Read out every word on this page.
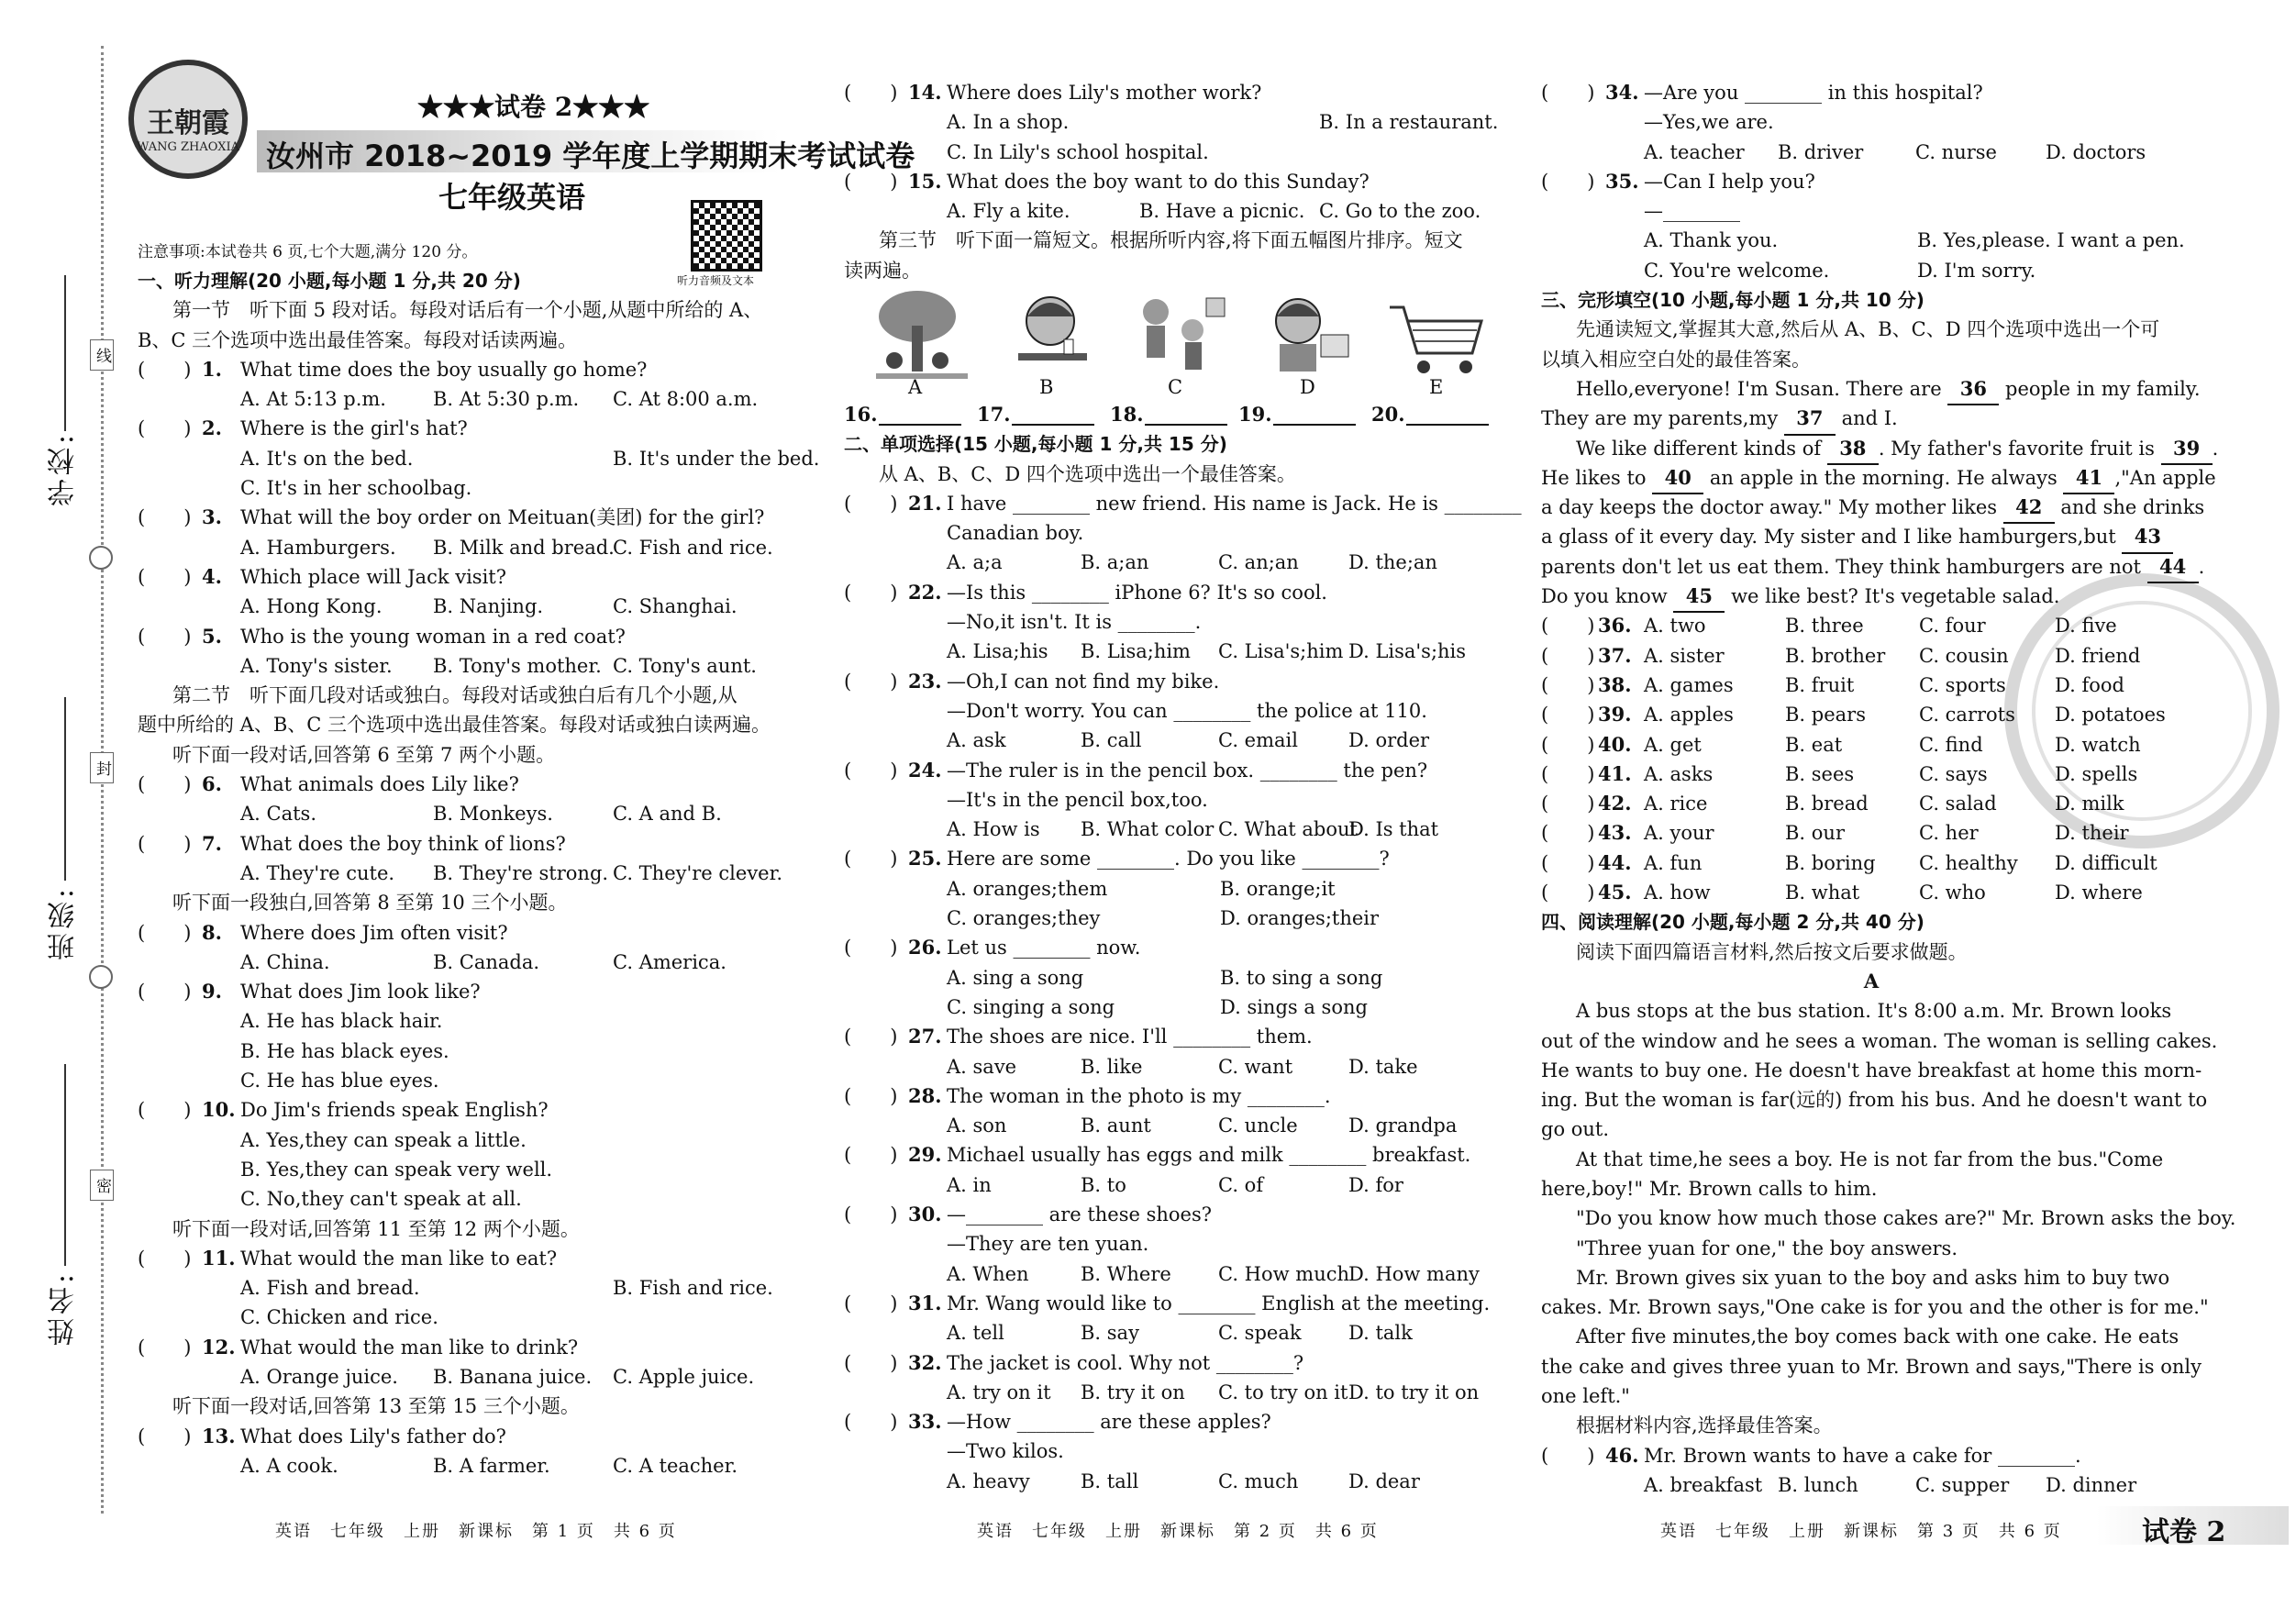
学校:
班级:
姓名:
线
封
密
王朝霞
WANG ZHAOXIA
★★★试卷 2★★★
汝州市 2018~2019 学年度上学期期末考试试卷
七年级英语
听力音频及文本
注意事项:本试卷共 6 页,七个大题,满分 120 分。
一、听力理解(20 小题,每小题 1 分,共 20 分)
第一节　听下面 5 段对话。每段对话后有一个小题,从题中所给的 A、
B、C 三个选项中选出最佳答案。每段对话读两遍。
(　　) 1. What time does the boy usually go home?
A. At 5:13 p.m. B. At 5:30 p.m. C. At 8:00 a.m.
(　　) 2. Where is the girl's hat?
A. It's on the bed.	B. It's under the bed.
C. It's in her schoolbag.
(　　) 3. What will the boy order on Meituan(美团) for the girl?
A. Hamburgers. B. Milk and bread.
C. Fish and rice.
(　　) 4. Which place will Jack visit?
A. Hong Kong.	B. Nanjing.	C. Shanghai.
(　　) 5. Who is the young woman in a red coat?
A. Tony's sister. B. Tony's mother. C. Tony's aunt.
第二节　听下面几段对话或独白。每段对话或独白后有几个小题,从
题中所给的 A、B、C 三个选项中选出最佳答案。每段对话或独白读两遍。
听下面一段对话,回答第 6 至第 7 两个小题。
(　　) 6. What animals does Lily like?
A. Cats.	B. Monkeys.	C. A and B.
(　　) 7. What does the boy think of lions?
A. They're cute. B. They're strong. C. They're clever.
听下面一段独白,回答第 8 至第 10 三个小题。
(　　) 8. Where does Jim often visit?
A. China.	B. Canada.	C. America.
(　　) 9. What does Jim look like?
A. He has black hair.
B. He has black eyes.
C. He has blue eyes.
(　　) 10. Do Jim's friends speak English?
A. Yes,they can speak a little.
B. Yes,they can speak very well.
C. No,they can't speak at all.
听下面一段对话,回答第 11 至第 12 两个小题。
(　　) 11. What would the man like to eat?
A. Fish and bread.	B. Fish and rice.
C. Chicken and rice.
(　　) 12. What would the man like to drink?
A. Orange juice. B. Banana juice. C. Apple juice.
听下面一段对话,回答第 13 至第 15 三个小题。
(　　) 13. What does Lily's father do?
A. A cook.	B. A farmer.	C. A teacher.
(　　) 14. Where does Lily's mother work?
A. In a shop.	B. In a restaurant.
C. In Lily's school hospital.
(　　) 15. What does the boy want to do this Sunday?
A. Fly a kite.	B. Have a picnic. C. Go to the zoo.
第三节　听下面一篇短文。根据所听内容,将下面五幅图片排序。短文
读两遍。
A	B	C	D	E
16.	17.	18.	19.	20.
二、单项选择(15 小题,每小题 1 分,共 15 分)
从 A、B、C、D 四个选项中选出一个最佳答案。
(　　) 21. I have ________ new friend. His name is Jack. He is ________
Canadian boy.
A. a;a	B. a;an	C. an;an	D. the;an
(　　) 22. —Is this ________ iPhone 6? It's so cool.
—No,it isn't. It is ________.
A. Lisa;his B. Lisa;him C. Lisa's;him D. Lisa's;his
(　　) 23. —Oh,I can not find my bike.
—Don't worry. You can ________ the police at 110.
A. ask	B. call	C. email	D. order
(　　) 24. —The ruler is in the pencil box. ________ the pen?
—It's in the pencil box,too.
A. How is B. What color C. What about
D. Is that
(　　) 25. Here are some ________. Do you like ________?
A. oranges;them	B. orange;it
C. oranges;they	D. oranges;their
(　　) 26. Let us ________ now.
A. sing a song	B. to sing a song
C. singing a song	D. sings a song
(　　) 27. The shoes are nice. I'll ________ them.
A. save	B. like	C. want	D. take
(　　) 28. The woman in the photo is my ________.
A. son	B. aunt	C. uncle	D. grandpa
(　　) 29. Michael usually has eggs and milk ________ breakfast.
A. in	B. to	C. of	D. for
(　　) 30. —________ are these shoes?
—They are ten yuan.
A. When	B. Where C. How much
D. How many
(　　) 31. Mr. Wang would like to ________ English at the meeting.
A. tell	B. say	C. speak D. talk
(　　) 32. The jacket is cool. Why not ________?
A. try on it B. try it on C. to try on it D. to try it on
(　　) 33. —How ________ are these apples?
—Two kilos.
A. heavy	B. tall	C. much	D. dear
(　　) 34. —Are you ________ in this hospital?
—Yes,we are.
A. teacher B. driver	C. nurse	D. doctors
(　　) 35. —Can I help you?
—________
A. Thank you.	B. Yes,please. I want a pen.
C. You're welcome.	D. I'm sorry.
三、完形填空(10 小题,每小题 1 分,共 10 分)
先通读短文,掌握其大意,然后从 A、B、C、D 四个选项中选出一个可
以填入相应空白处的最佳答案。
Hello,everyone! I'm Susan. There are 36 people in my family.
They are my parents,my 37 and I.
We like different kinds of 38 . My father's favorite fruit is 39 .
He likes to 40 an apple in the morning. He always 41 ,"An apple
a day keeps the doctor away." My mother likes 42 and she drinks
a glass of it every day. My sister and I like hamburgers,but 43
parents don't let us eat them. They think hamburgers are not 44 .
Do you know 45 we like best? It's vegetable salad.
(　　) 36. A. two	B. three	C. four	D. five
(　　) 37. A. sister	B. brother C. cousin D. friend
(　　) 38. A. games	B. fruit	C. sports	D. food
(　　) 39. A. apples	B. pears	C. carrots D. potatoes
(　　) 40. A. get	B. eat	C. find	D. watch
(　　) 41. A. asks	B. sees	C. says	D. spells
(　　) 42. A. rice	B. bread	C. salad	D. milk
(　　) 43. A. your	B. our	C. her	D. their
(　　) 44. A. fun	B. boring C. healthy D. difficult
(　　) 45. A. how	B. what	C. who	D. where
四、阅读理解(20 小题,每小题 2 分,共 40 分)
阅读下面四篇语言材料,然后按文后要求做题。
A
A bus stops at the bus station. It's 8:00 a.m. Mr. Brown looks
out of the window and he sees a woman. The woman is selling cakes.
He wants to buy one. He doesn't have breakfast at home this morn-
ing. But the woman is far(远的) from his bus. And he doesn't want to
go out.
At that time,he sees a boy. He is not far from the bus."Come
here,boy!" Mr. Brown calls to him.
"Do you know how much those cakes are?" Mr. Brown asks the boy.
"Three yuan for one," the boy answers.
Mr. Brown gives six yuan to the boy and asks him to buy two
cakes. Mr. Brown says,"One cake is for you and the other is for me."
After five minutes,the boy comes back with one cake. He eats
the cake and gives three yuan to Mr. Brown and says,"There is only
one left."
根据材料内容,选择最佳答案。
(　　) 46. Mr. Brown wants to have a cake for ________.
A. breakfast B. lunch	C. supper D. dinner
英语　七年级　上册　新课标　第 1 页　共 6 页	英语　七年级　上册　新课标　第 2 页　共 6 页	英语　七年级　上册　新课标　第 3 页　共 6 页	试卷 2
